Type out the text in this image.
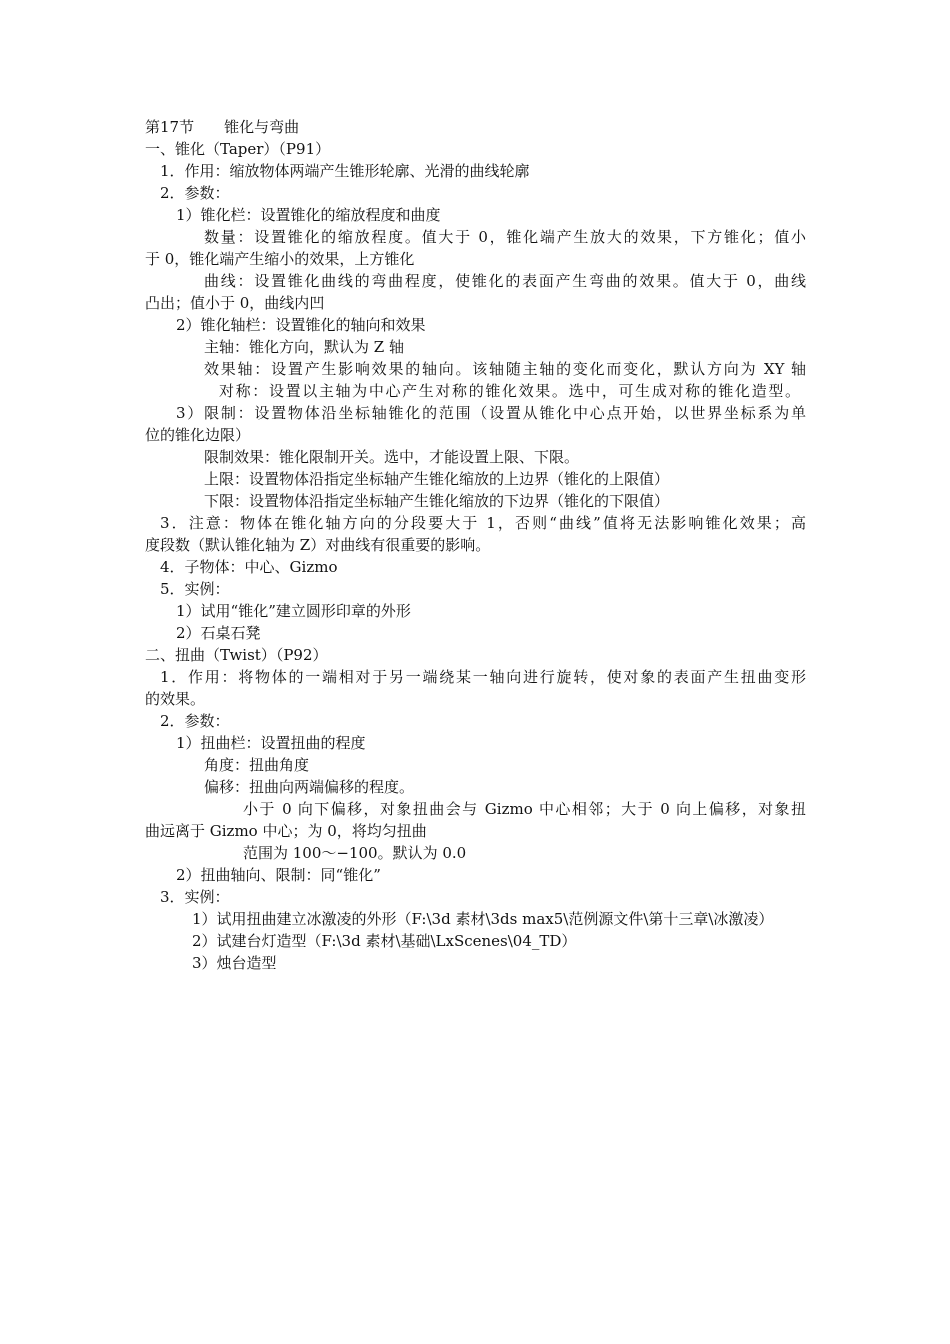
第17节　　锥化与弯曲
一、锥化（Taper）（P91）
1．作用：缩放物体两端产生锥形轮廓、光滑的曲线轮廓
2．参数：
1）锥化栏：设置锥化的缩放程度和曲度
数量：设置锥化的缩放程度。值大于 0，锥化端产生放大的效果，下方锥化；值小
于 0，锥化端产生缩小的效果，上方锥化
曲线：设置锥化曲线的弯曲程度，使锥化的表面产生弯曲的效果。值大于 0，曲线
凸出；值小于 0，曲线内凹
2）锥化轴栏：设置锥化的轴向和效果
主轴：锥化方向，默认为 Z 轴
效果轴：设置产生影响效果的轴向。该轴随主轴的变化而变化，默认方向为 XY 轴
对称：设置以主轴为中心产生对称的锥化效果。选中，可生成对称的锥化造型。
3）限制：设置物体沿坐标轴锥化的范围（设置从锥化中心点开始，以世界坐标系为单
位的锥化边限）
限制效果：锥化限制开关。选中，才能设置上限、下限。
上限：设置物体沿指定坐标轴产生锥化缩放的上边界（锥化的上限值）
下限：设置物体沿指定坐标轴产生锥化缩放的下边界（锥化的下限值）
3．注意：物体在锥化轴方向的分段要大于 1，否则“曲线”值将无法影响锥化效果；高
度段数（默认锥化轴为 Z）对曲线有很重要的影响。
4．子物体：中心、Gizmo
5．实例：
1）试用“锥化”建立圆形印章的外形
2）石桌石凳
二、扭曲（Twist）（P92）
1．作用：将物体的一端相对于另一端绕某一轴向进行旋转，使对象的表面产生扭曲变形
的效果。
2．参数：
1）扭曲栏：设置扭曲的程度
角度：扭曲角度
偏移：扭曲向两端偏移的程度。
小于 0 向下偏移，对象扭曲会与 Gizmo 中心相邻；大于 0 向上偏移，对象扭
曲远离于 Gizmo 中心；为 0，将均匀扭曲
范围为 100～−100。默认为 0.0
2）扭曲轴向、限制：同“锥化”
3．实例：
1）试用扭曲建立冰激凌的外形（F:\3d 素材\3ds max5\范例源文件\第十三章\冰激凌）
2）试建台灯造型（F:\3d 素材\基础\LxScenes\04_TD）
3）烛台造型
